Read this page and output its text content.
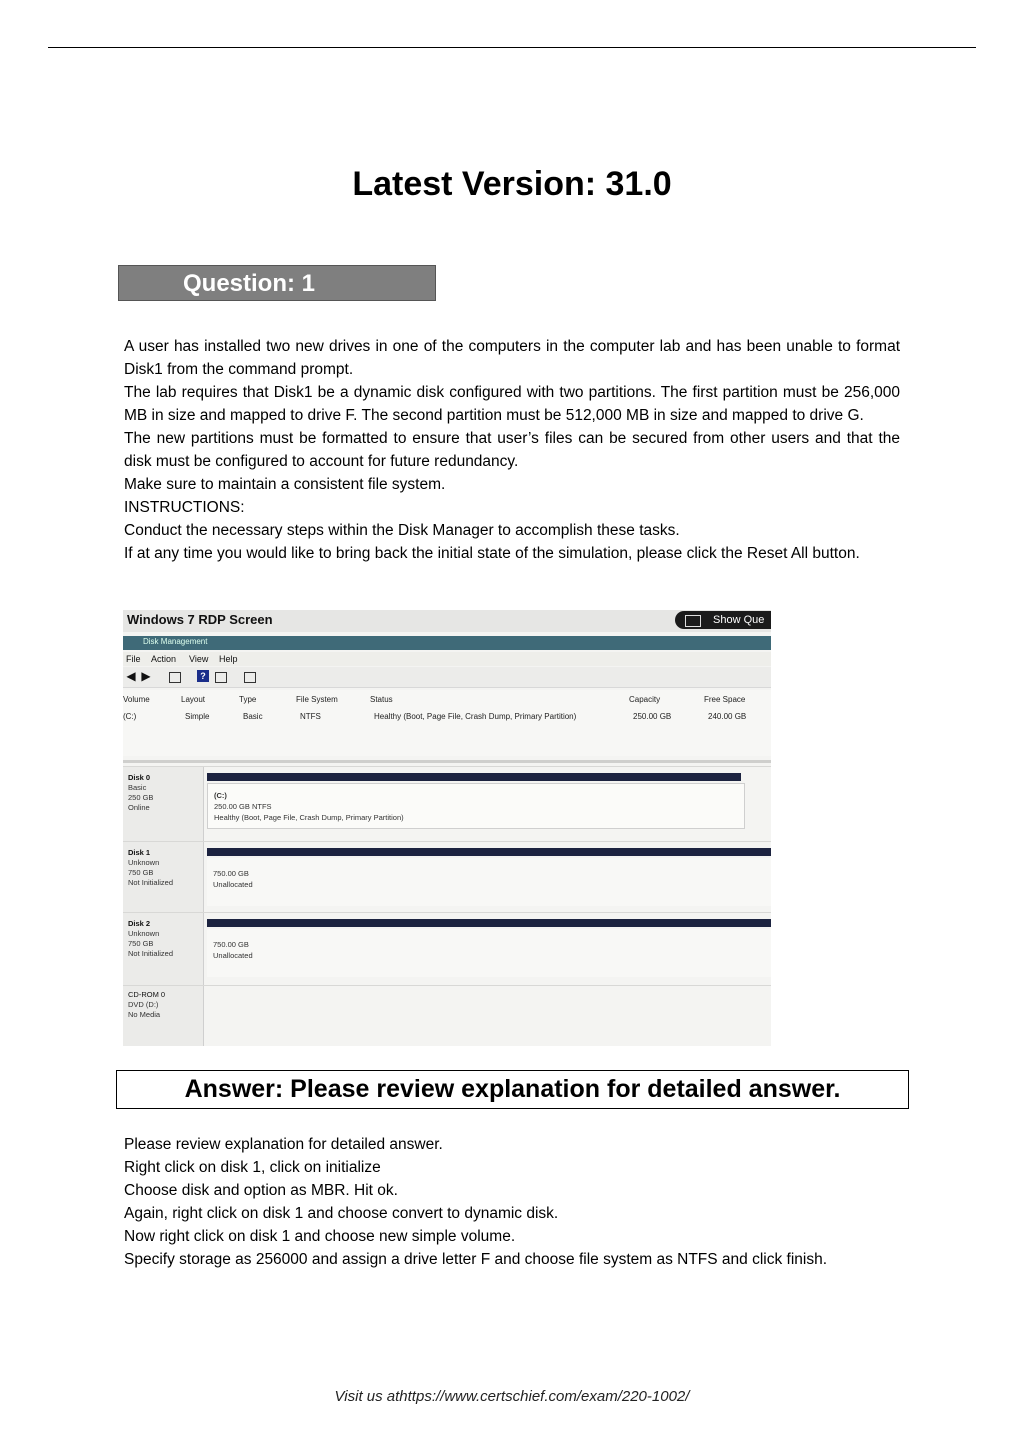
Latest Version: 31.0
Question: 1

A user has installed two new drives in one of the computers in the computer lab and has been unable to format Disk1 from the command prompt.

The lab requires that Disk1 be a dynamic disk configured with two partitions. The first partition must be 256,000 MB in size and mapped to drive F. The second partition must be 512,000 MB in size and mapped to drive G.

The new partitions must be formatted to ensure that user’s files can be secured from other users and that the disk must be configured to account for future redundancy.

Make sure to maintain a consistent file system.

INSTRUCTIONS:

Conduct the necessary steps within the Disk Manager to accomplish these tasks.

If at any time you would like to bring back the initial state of the simulation, please click the Reset All button.

Windows 7 RDP Screen	Show Que
Disk Management
File Action View Help
◀ ▶	?
Volume	Layout	Type	File System	Status	Capacity	Free Space
(C:)	Simple	Basic	NTFS	Healthy (Boot, Page File, Crash Dump, Primary Partition)	250.00 GB	240.00 GB
Disk 0
Basic
250 GB
Online
(C:)
250.00 GB NTFS
Healthy (Boot, Page File, Crash Dump, Primary Partition)
Disk 1
Unknown
750 GB
Not Initialized
750.00 GB
Unallocated
Disk 2
Unknown
750 GB
Not Initialized
750.00 GB
Unallocated
CD-ROM 0
DVD (D:)
No Media
Answer: Please review explanation for detailed answer.

Please review explanation for detailed answer.

Right click on disk 1, click on initialize

Choose disk and option as MBR. Hit ok.

Again, right click on disk 1 and choose convert to dynamic disk.

Now right click on disk 1 and choose new simple volume.

Specify storage as 256000 and assign a drive letter F and choose file system as NTFS and click finish.

Visit us athttps://www.certschief.com/exam/220-1002/
